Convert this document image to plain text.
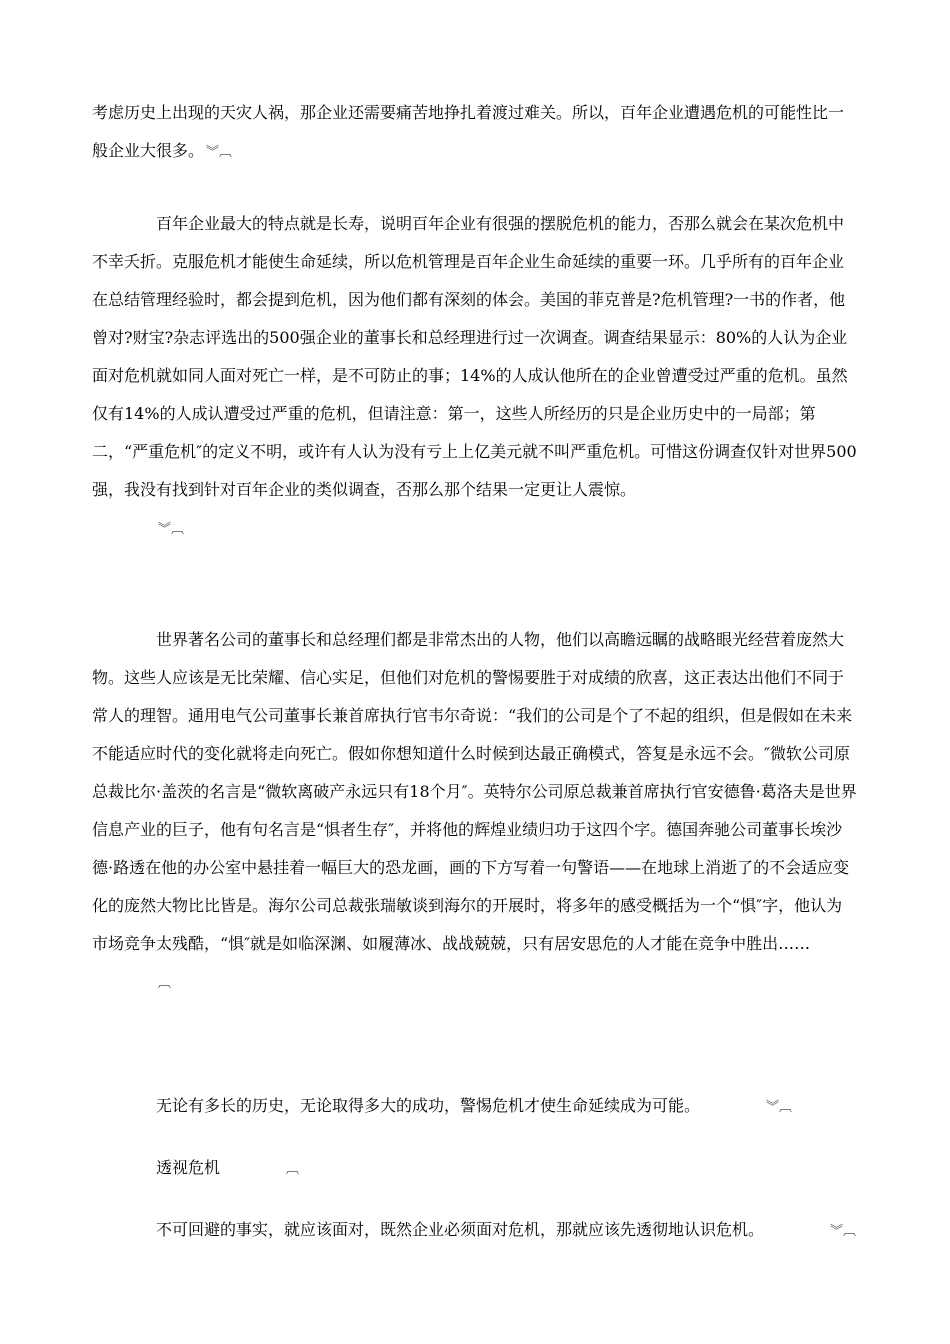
考虑历史上出现的天灾人祸，那企业还需要痛苦地挣扎着渡过难关。所以，百年企业遭遇危机的可能性比一般企业大很多。 ︾︹

百年企业最大的特点就是长寿，说明百年企业有很强的摆脱危机的能力，否那么就会在某次危机中不幸夭折。克服危机才能使生命延续，所以危机管理是百年企业生命延续的重要一环。几乎所有的百年企业在总结管理经验时，都会提到危机，因为他们都有深刻的体会。美国的菲克普是?危机管理?一书的作者，他曾对?财宝?杂志评选出的500强企业的董事长和总经理进行过一次调查。调查结果显示：80%的人认为企业面对危机就如同人面对死亡一样，是不可防止的事；14%的人成认他所在的企业曾遭受过严重的危机。虽然仅有14%的人成认遭受过严重的危机，但请注意：第一，这些人所经历的只是企业历史中的一局部；第二，“严重危机″的定义不明，或许有人认为没有亏上上亿美元就不叫严重危机。可惜这份调查仅针对世界500强，我没有找到针对百年企业的类似调查，否那么那个结果一定更让人震惊。
︾︹

世界著名公司的董事长和总经理们都是非常杰出的人物，他们以高瞻远瞩的战略眼光经营着庞然大物。这些人应该是无比荣耀、信心实足，但他们对危机的警惕要胜于对成绩的欣喜，这正表达出他们不同于常人的理智。通用电气公司董事长兼首席执行官韦尔奇说：“我们的公司是个了不起的组织，但是假如在未来不能适应时代的变化就将走向死亡。假如你想知道什么时候到达最正确模式，答复是永远不会。″微软公司原总裁比尔·盖茨的名言是“微软离破产永远只有18个月″。英特尔公司原总裁兼首席执行官安德鲁·葛洛夫是世界信息产业的巨子，他有句名言是“惧者生存″，并将他的辉煌业绩归功于这四个字。德国奔驰公司董事长埃沙德·路透在他的办公室中悬挂着一幅巨大的恐龙画，画的下方写着一句警语——在地球上消逝了的不会适应变化的庞然大物比比皆是。海尔公司总裁张瑞敏谈到海尔的开展时，将多年的感受概括为一个“惧″字，他认为市场竞争太残酷，“惧″就是如临深渊、如履薄冰、战战兢兢，只有居安思危的人才能在竞争中胜出……︹

无论有多长的历史，无论取得多大的成功，警惕危机才使生命延续成为可能。	︾︹

透视危机	︹

不可回避的事实，就应该面对，既然企业必须面对危机，那就应该先透彻地认识危机。	︾︹
